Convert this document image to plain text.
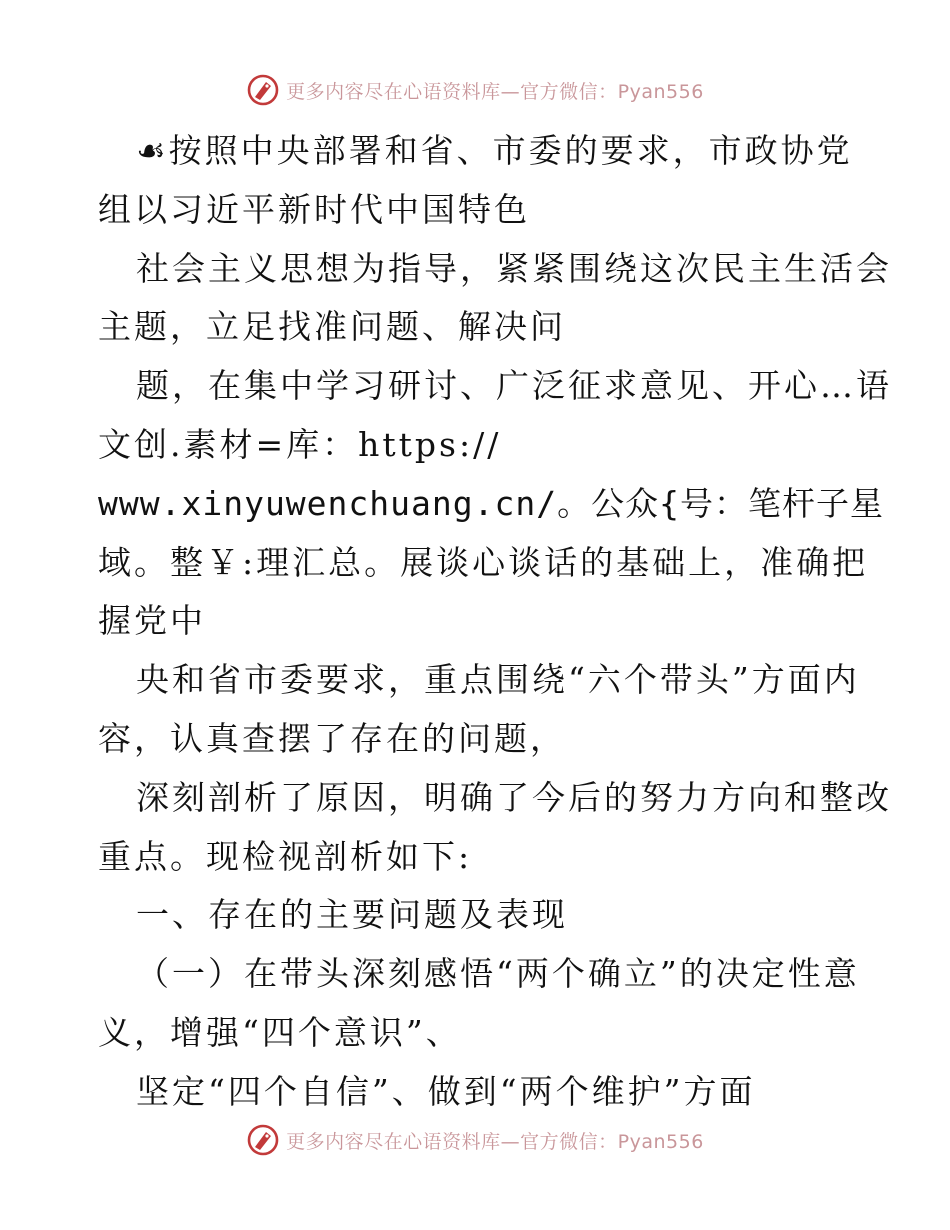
更多内容尽在心语资料库—官方微信：Pyan556
☙按照中央部署和省、市委的要求，市政协党
组以习近平新时代中国特色
社会主义思想为指导，紧紧围绕这次民主生活会
主题，立足找准问题、解决问
题，在集中学习研讨、广泛征求意见、开心…语
文创.素材=库：https://
www.xinyuwenchuang.cn/。公众{号：笔杆子星
域。整￥:理汇总。展谈心谈话的基础上，准确把
握党中
央和省市委要求，重点围绕“六个带头”方面内
容，认真查摆了存在的问题，
深刻剖析了原因，明确了今后的努力方向和整改
重点。现检视剖析如下:
一、存在的主要问题及表现
（一）在带头深刻感悟“两个确立”的决定性意
义，增强“四个意识”、
坚定“四个自信”、做到“两个维护”方面
更多内容尽在心语资料库—官方微信：Pyan556
